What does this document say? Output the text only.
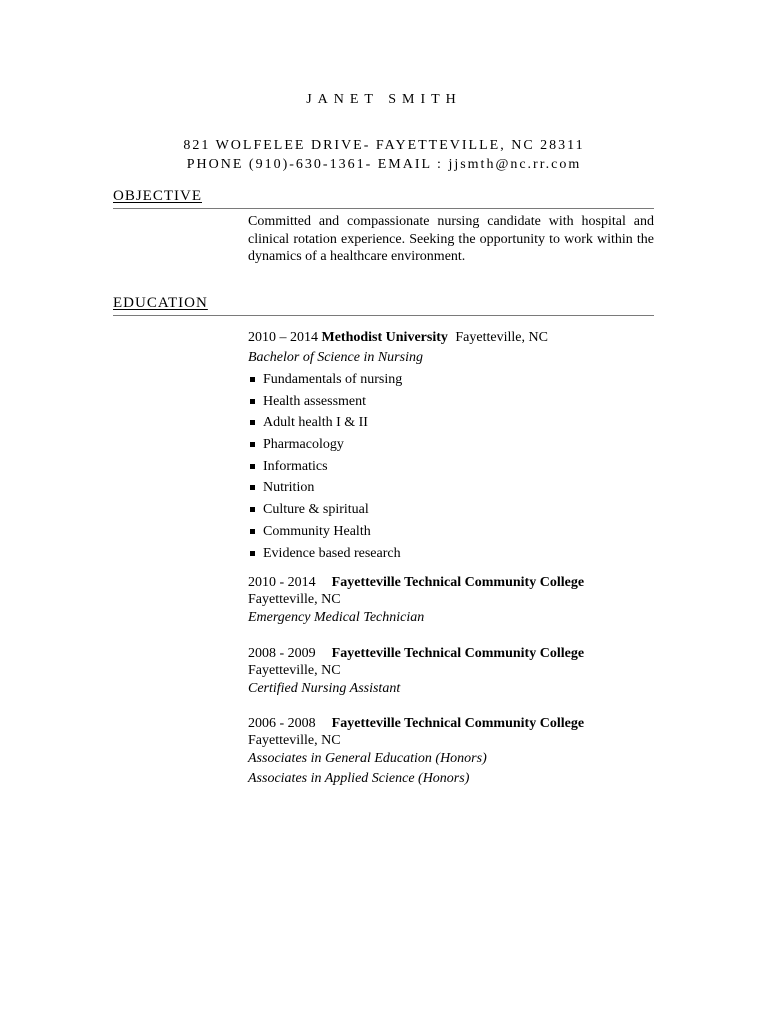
JANET SMITH
821 WOLFELEE DRIVE- FAYETTEVILLE, NC 28311
PHONE (910)-630-1361- EMAIL : jjsmth@nc.rr.com
OBJECTIVE
Committed and compassionate nursing candidate with hospital and clinical rotation experience. Seeking the opportunity to work within the dynamics of a healthcare environment.
EDUCATION
2010 – 2014 Methodist University Fayetteville, NC
Bachelor of Science in Nursing
Fundamentals of nursing
Health assessment
Adult health I & II
Pharmacology
Informatics
Nutrition
Culture & spiritual
Community Health
Evidence based research
2010 - 2014 Fayetteville Technical Community College
Fayetteville, NC
Emergency Medical Technician
2008 - 2009 Fayetteville Technical Community College
Fayetteville, NC
Certified Nursing Assistant
2006 - 2008 Fayetteville Technical Community College
Fayetteville, NC
Associates in General Education (Honors)
Associates in Applied Science (Honors)
